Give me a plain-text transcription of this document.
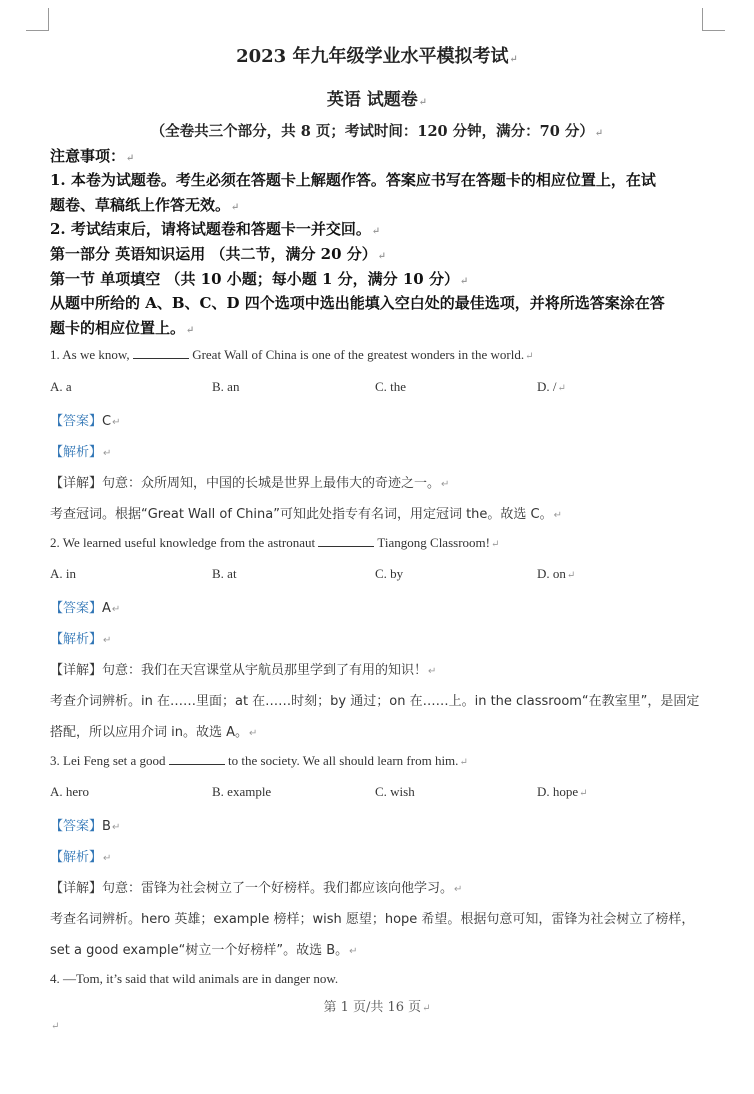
2023 年九年级学业水平模拟考试↵
英语 试题卷↵
（全卷共三个部分，共 8 页；考试时间：120 分钟，满分：70 分）↵
注意事项：↵
1. 本卷为试题卷。考生必须在答题卡上解题作答。答案应书写在答题卡的相应位置上，在试
题卷、草稿纸上作答无效。↵
2. 考试结束后，请将试题卷和答题卡一并交回。↵
第一部分 英语知识运用 （共二节，满分 20 分）↵
第一节 单项填空 （共 10 小题；每小题 1 分，满分 10 分）↵
从题中所给的 A、B、C、D 四个选项中选出能填入空白处的最佳选项，并将所选答案涂在答
题卡的相应位置上。↵
1. As we know,	Great Wall of China is one of the greatest wonders in the world.↵
A. a	B. an	C. the	D. /↵
【答案】C↵
【解析】↵
【详解】句意：众所周知，中国的长城是世界上最伟大的奇迹之一。↵
考查冠词。根据“Great Wall of China”可知此处指专有名词，用定冠词 the。故选 C。↵
2. We learned useful knowledge from the astronaut	Tiangong Classroom!↵
A. in	B. at	C. by	D. on↵
【答案】A↵
【解析】↵
【详解】句意：我们在天宫课堂从宇航员那里学到了有用的知识！↵
考查介词辨析。in 在……里面；at 在……时刻；by 通过；on 在……上。in the classroom“在教室里”，是固定
搭配，所以应用介词 in。故选 A。↵
3. Lei Feng set a good	to the society. We all should learn from him.↵
A. hero	B. example	C. wish	D. hope↵
【答案】B↵
【解析】↵
【详解】句意：雷锋为社会树立了一个好榜样。我们都应该向他学习。↵
考查名词辨析。hero 英雄；example 榜样；wish 愿望；hope 希望。根据句意可知，雷锋为社会树立了榜样，
set a good example“树立一个好榜样”。故选 B。↵
4. —Tom, it’s said that wild animals are in danger now.
第 1 页/共 16 页↵
↵
